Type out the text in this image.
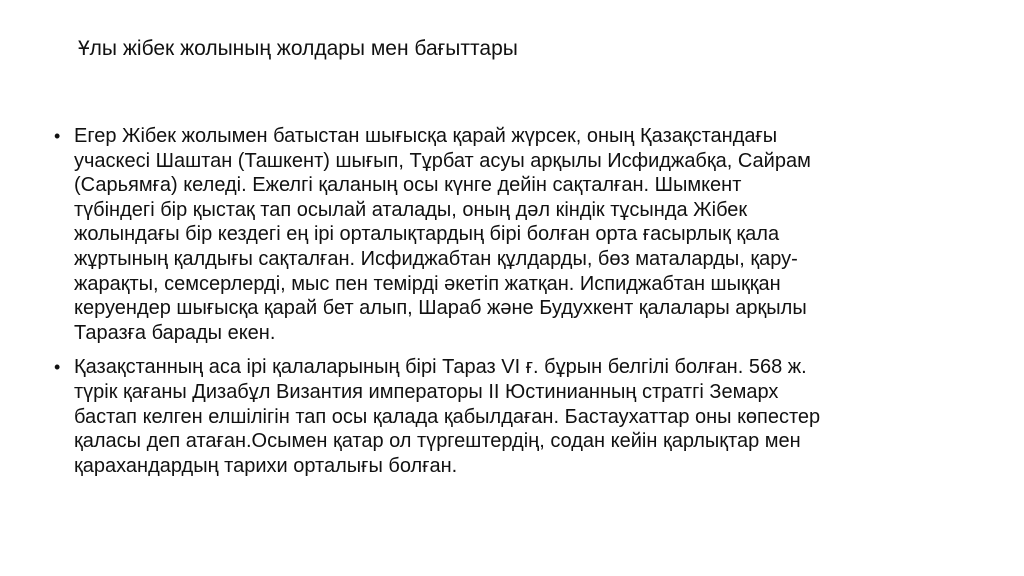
Ұлы жібек жолының жолдары мен бағыттары
• Егер Жібек жолымен батыстан шығысқа қарай жүрсек, оның Қазақстандағы
учаскесі Шаштан (Ташкент) шығып, Тұрбат асуы арқылы Исфиджабқа, Сайрам
(Сарьямға) келеді. Ежелгі қаланың осы күнге дейін сақталған. Шымкент
түбіндегі бір қыстақ тап осылай аталады, оның дәл кіндік тұсында Жібек
жолындағы бір кездегі ең ірі орталықтардың бірі болған орта ғасырлық қала
жұртының қалдығы сақталған. Исфиджабтан құлдарды, бөз маталарды, қару-
жарақты, семсерлерді, мыс пен темірді әкетіп жатқан. Испиджабтан шыққан
керуендер шығысқа қарай бет алып, Шараб және Будухкент қалалары арқылы
Таразға барады екен.
• Қазақстанның аса ірі қалаларының бірі Тараз VI ғ. бұрын белгілі болған. 568 ж.
түрік қағаны Дизабұл Византия императоры II Юстинианның стратгі Земарх
бастап келген елшілігін тап осы қалада қабылдаған. Бастаухаттар оны көпестер
қаласы деп атаған.Осымен қатар ол түргештердің, содан кейін қарлықтар мен
қарахандардың тарихи орталығы болған.
